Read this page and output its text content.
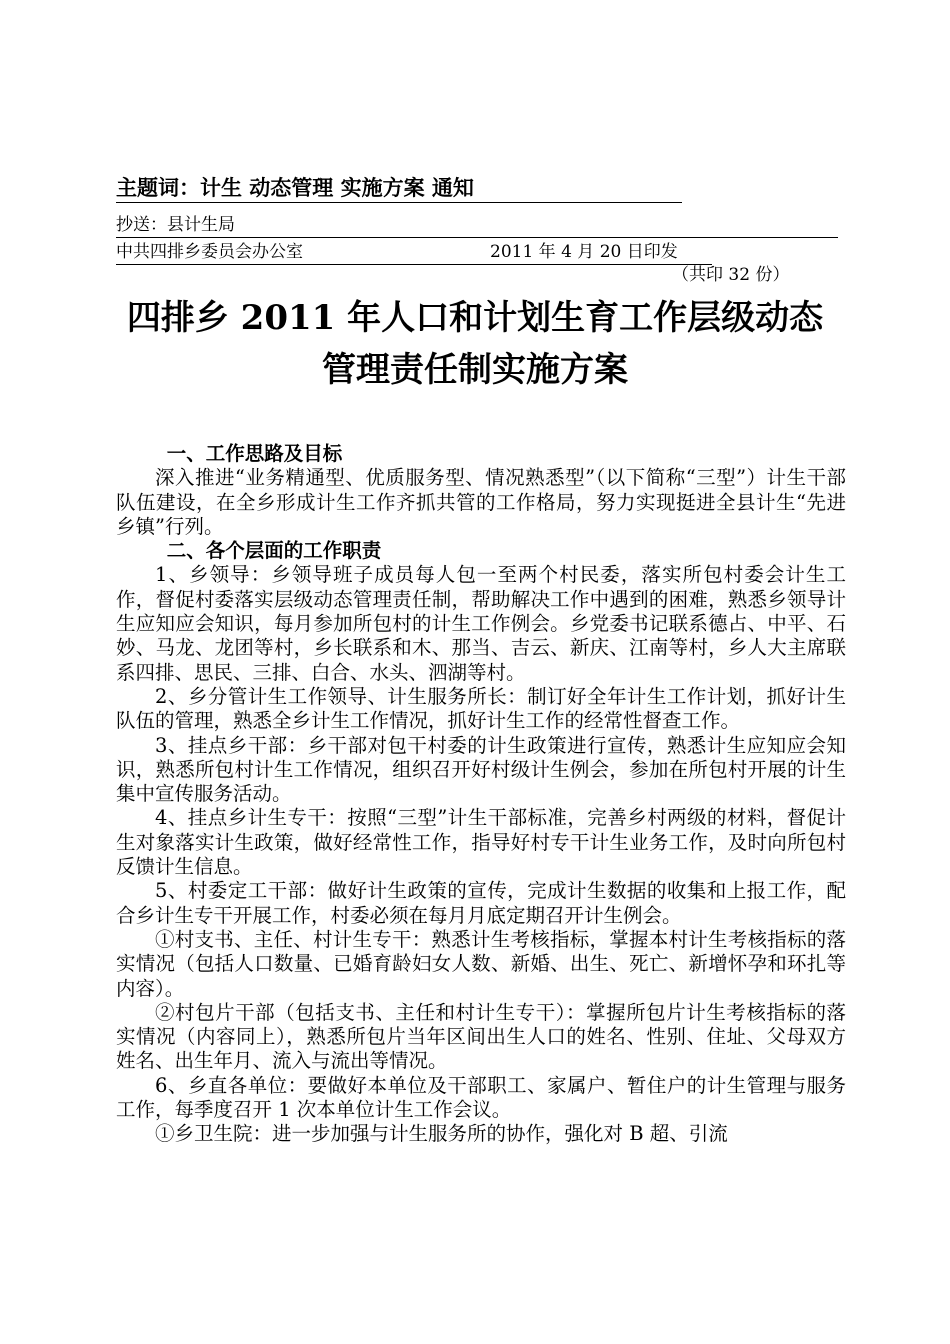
主题词：计生 动态管理 实施方案 通知
抄送：县计生局
中共四排乡委员会办公室	2011 年 4 月 20 日印发
（共印 32 份）
四排乡 2011 年人口和计划生育工作层级动态
管理责任制实施方案

一、工作思路及目标

深入推进“业务精通型、优质服务型、情况熟悉型”（以下简称“三型”）计生干部队伍建设，在全乡形成计生工作齐抓共管的工作格局，努力实现挺进全县计生“先进乡镇”行列。

二、各个层面的工作职责

1、乡领导：乡领导班子成员每人包一至两个村民委，落实所包村委会计生工作，督促村委落实层级动态管理责任制，帮助解决工作中遇到的困难，熟悉乡领导计生应知应会知识，每月参加所包村的计生工作例会。乡党委书记联系德占、中平、石妙、马龙、龙团等村，乡长联系和木、那当、吉云、新庆、江南等村，乡人大主席联系四排、思民、三排、白合、水头、泗湖等村。

2、乡分管计生工作领导、计生服务所长：制订好全年计生工作计划，抓好计生队伍的管理，熟悉全乡计生工作情况，抓好计生工作的经常性督查工作。

3、挂点乡干部：乡干部对包干村委的计生政策进行宣传，熟悉计生应知应会知识，熟悉所包村计生工作情况，组织召开好村级计生例会，参加在所包村开展的计生集中宣传服务活动。

4、挂点乡计生专干：按照“三型”计生干部标准，完善乡村两级的材料，督促计生对象落实计生政策，做好经常性工作，指导好村专干计生业务工作，及时向所包村反馈计生信息。

5、村委定工干部：做好计生政策的宣传，完成计生数据的收集和上报工作，配合乡计生专干开展工作，村委必须在每月月底定期召开计生例会。

①村支书、主任、村计生专干：熟悉计生考核指标，掌握本村计生考核指标的落实情况（包括人口数量、已婚育龄妇女人数、新婚、出生、死亡、新增怀孕和环扎等内容）。

②村包片干部（包括支书、主任和村计生专干）：掌握所包片计生考核指标的落实情况（内容同上），熟悉所包片当年区间出生人口的姓名、性别、住址、父母双方姓名、出生年月、流入与流出等情况。

6、乡直各单位：要做好本单位及干部职工、家属户、暂住户的计生管理与服务工作，每季度召开 1 次本单位计生工作会议。

①乡卫生院：进一步加强与计生服务所的协作，强化对 B 超、引流
